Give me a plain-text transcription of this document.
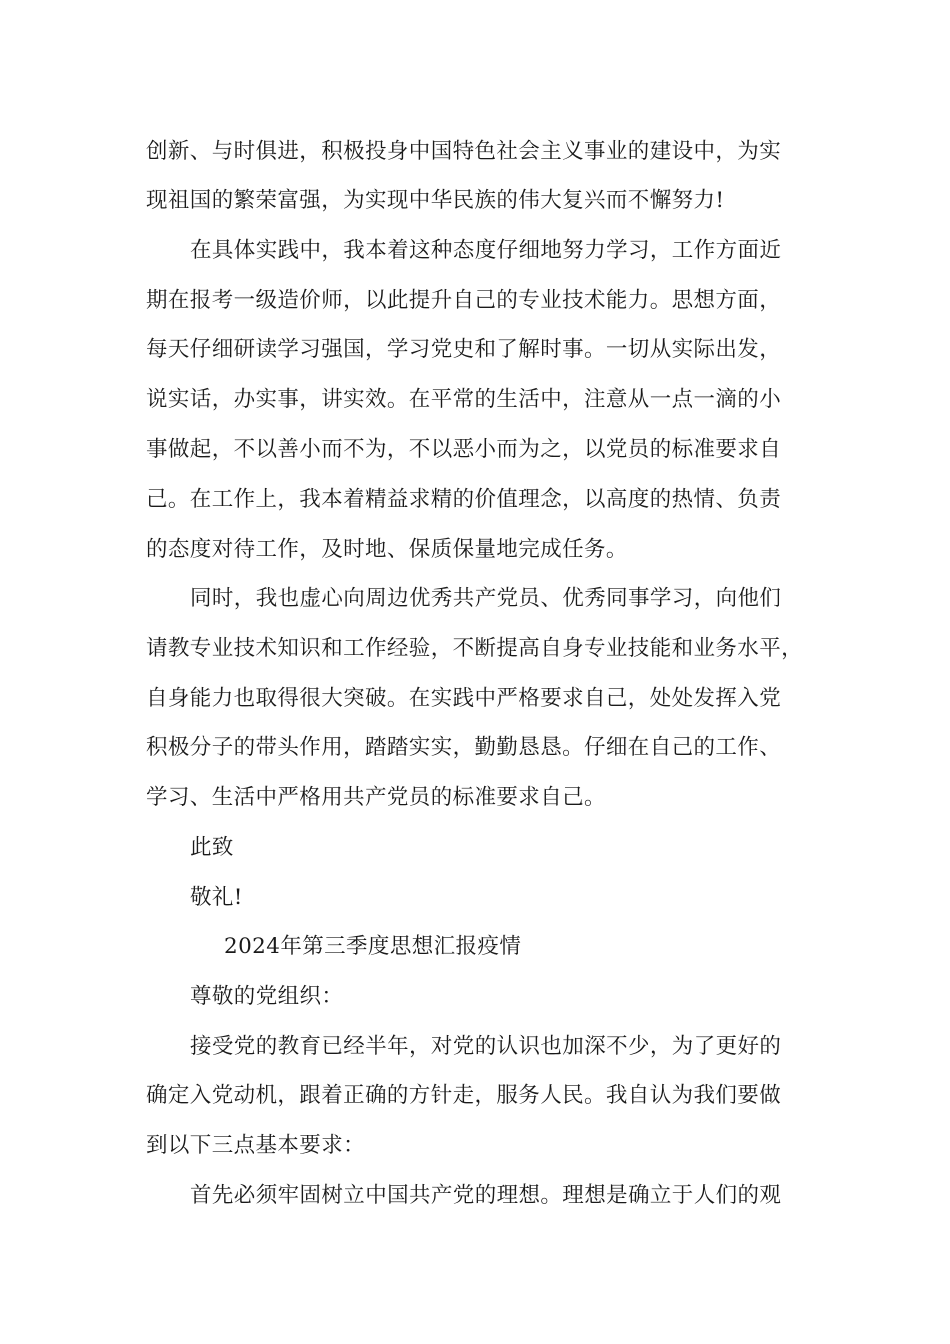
创新、与时俱进，积极投身中国特色社会主义事业的建设中，为实
现祖国的繁荣富强，为实现中华民族的伟大复兴而不懈努力!
在具体实践中，我本着这种态度仔细地努力学习，工作方面近
期在报考一级造价师，以此提升自己的专业技术能力。思想方面，
每天仔细研读学习强国，学习党史和了解时事。一切从实际出发，
说实话，办实事，讲实效。在平常的生活中，注意从一点一滴的小
事做起，不以善小而不为，不以恶小而为之，以党员的标准要求自
己。在工作上，我本着精益求精的价值理念，以高度的热情、负责
的态度对待工作，及时地、保质保量地完成任务。
同时，我也虚心向周边优秀共产党员、优秀同事学习，向他们
请教专业技术知识和工作经验，不断提高自身专业技能和业务水平，
自身能力也取得很大突破。在实践中严格要求自己，处处发挥入党
积极分子的带头作用，踏踏实实，勤勤恳恳。仔细在自己的工作、
学习、生活中严格用共产党员的标准要求自己。
此致
敬礼!
2024年第三季度思想汇报疫情
尊敬的党组织：
接受党的教育已经半年，对党的认识也加深不少，为了更好的
确定入党动机，跟着正确的方针走，服务人民。我自认为我们要做
到以下三点基本要求：
首先必须牢固树立中国共产党的理想。理想是确立于人们的观
